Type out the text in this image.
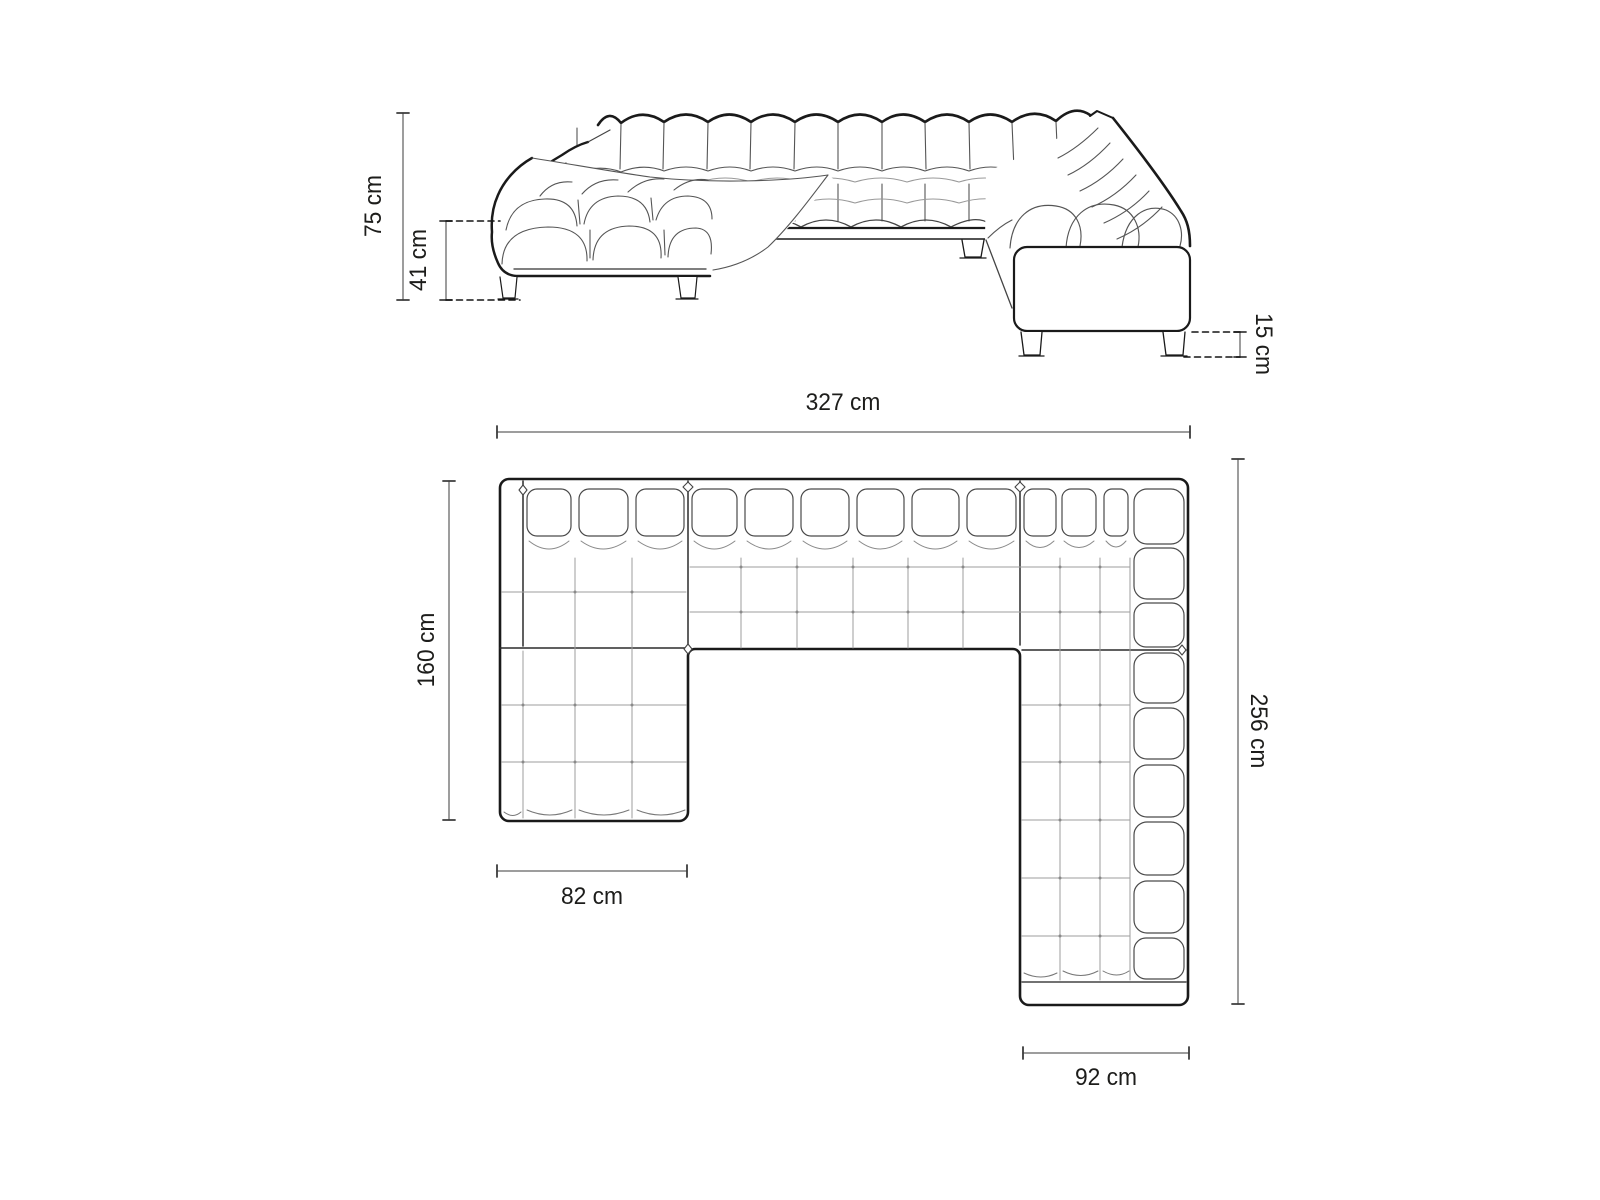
75 cm
41 cm
15 cm
327 cm
160 cm
82 cm
256 cm
92 cm
